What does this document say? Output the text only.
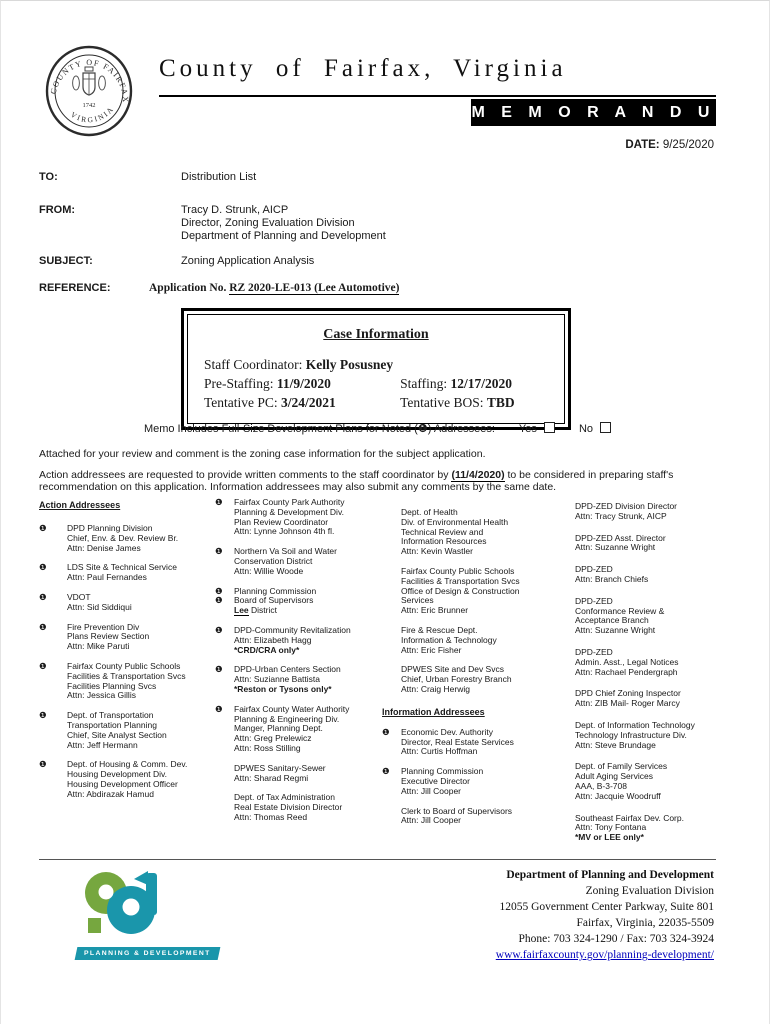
COUNTY OF FAIRFAX
VIRGINIA
1742
County of Fairfax, Virginia
M E M O R A N D U M	DATE: 9/25/2020
TO:	Distribution List
FROM:	Tracy D. Strunk, AICP
Director, Zoning Evaluation Division
Department of Planning and Development
SUBJECT:	Zoning Application Analysis
REFERENCE:	Application No. RZ 2020-LE-013 (Lee Automotive)
Case Information
Staff Coordinator: Kelly Posusney
Pre-Staffing: 11/9/2020	Staffing: 12/17/2020
Tentative PC: 3/24/2021	Tentative BOS: TBD
Memo Includes Full-Size Development Plans for Noted (❶) Addressees: Yes	No
Attached for your review and comment is the zoning case information for the subject application.
Action addressees are requested to provide written comments to the staff coordinator by (11/4/2020) to be considered in preparing staff's recommendation on this application. Information addressees may also submit any comments by the same date.
Action Addressees
❶	DPD Planning Division
Chief, Env. & Dev. Review Br.
Attn: Denise James
❶	LDS Site & Technical Service
Attn: Paul Fernandes
❶	VDOT
Attn: Sid Siddiqui
❶	Fire Prevention Div
Plans Review Section
Attn: Mike Paruti
❶	Fairfax County Public Schools
Facilities & Transportation Svcs
Facilities Planning Svcs
Attn: Jessica Gillis
❶	Dept. of Transportation
Transportation Planning
Chief, Site Analyst Section
Attn: Jeff Hermann
❶	Dept. of Housing & Comm. Dev.
Housing Development Div.
Housing Development Officer
Attn: Abdirazak Hamud
❶	Fairfax County Park Authority
Planning & Development Div.
Plan Review Coordinator
Attn: Lynne Johnson 4th fl.
❶	Northern Va Soil and Water
Conservation District
Attn: Willie Woode
❶	Planning Commission
❶	Board of Supervisors
Lee District
❶	DPD-Community Revitalization
Attn: Elizabeth Hagg
*CRD/CRA only*
❶	DPD-Urban Centers Section
Attn: Suzianne Battista
*Reston or Tysons only*
❶	Fairfax County Water Authority
Planning & Engineering Div.
Manger, Planning Dept.
Attn: Greg Prelewicz
Attn: Ross Stilling
DPWES Sanitary-Sewer
Attn: Sharad Regmi
Dept. of Tax Administration
Real Estate Division Director
Attn: Thomas Reed
Dept. of Health
Div. of Environmental Health
Technical Review and
Information Resources
Attn: Kevin Wastler
Fairfax County Public Schools
Facilities & Transportation Svcs
Office of Design & Construction
Services
Attn: Eric Brunner
Fire & Rescue Dept.
Information & Technology
Attn: Eric Fisher
DPWES Site and Dev Svcs
Chief, Urban Forestry Branch
Attn: Craig Herwig
Information Addressees
❶	Economic Dev. Authority
Director, Real Estate Services
Attn: Curtis Hoffman
❶	Planning Commission
Executive Director
Attn: Jill Cooper
Clerk to Board of Supervisors
Attn: Jill Cooper
DPD-ZED Division Director
Attn: Tracy Strunk, AICP
DPD-ZED Asst. Director
Attn: Suzanne Wright
DPD-ZED
Attn: Branch Chiefs
DPD-ZED
Conformance Review &
Acceptance Branch
Attn: Suzanne Wright
DPD-ZED
Admin. Asst., Legal Notices
Attn: Rachael Pendergraph
DPD Chief Zoning Inspector
Attn: ZIB Mail- Roger Marcy
Dept. of Information Technology
Technology Infrastructure Div.
Attn: Steve Brundage
Dept. of Family Services
Adult Aging Services
AAA, B-3-708
Attn: Jacquie Woodruff
Southeast Fairfax Dev. Corp.
Attn: Tony Fontana
*MV or LEE only*
PLANNING & DEVELOPMENT
Department of Planning and Development
Zoning Evaluation Division
12055 Government Center Parkway, Suite 801
Fairfax, Virginia, 22035-5509
Phone: 703 324-1290 / Fax: 703 324-3924
www.fairfaxcounty.gov/planning-development/
